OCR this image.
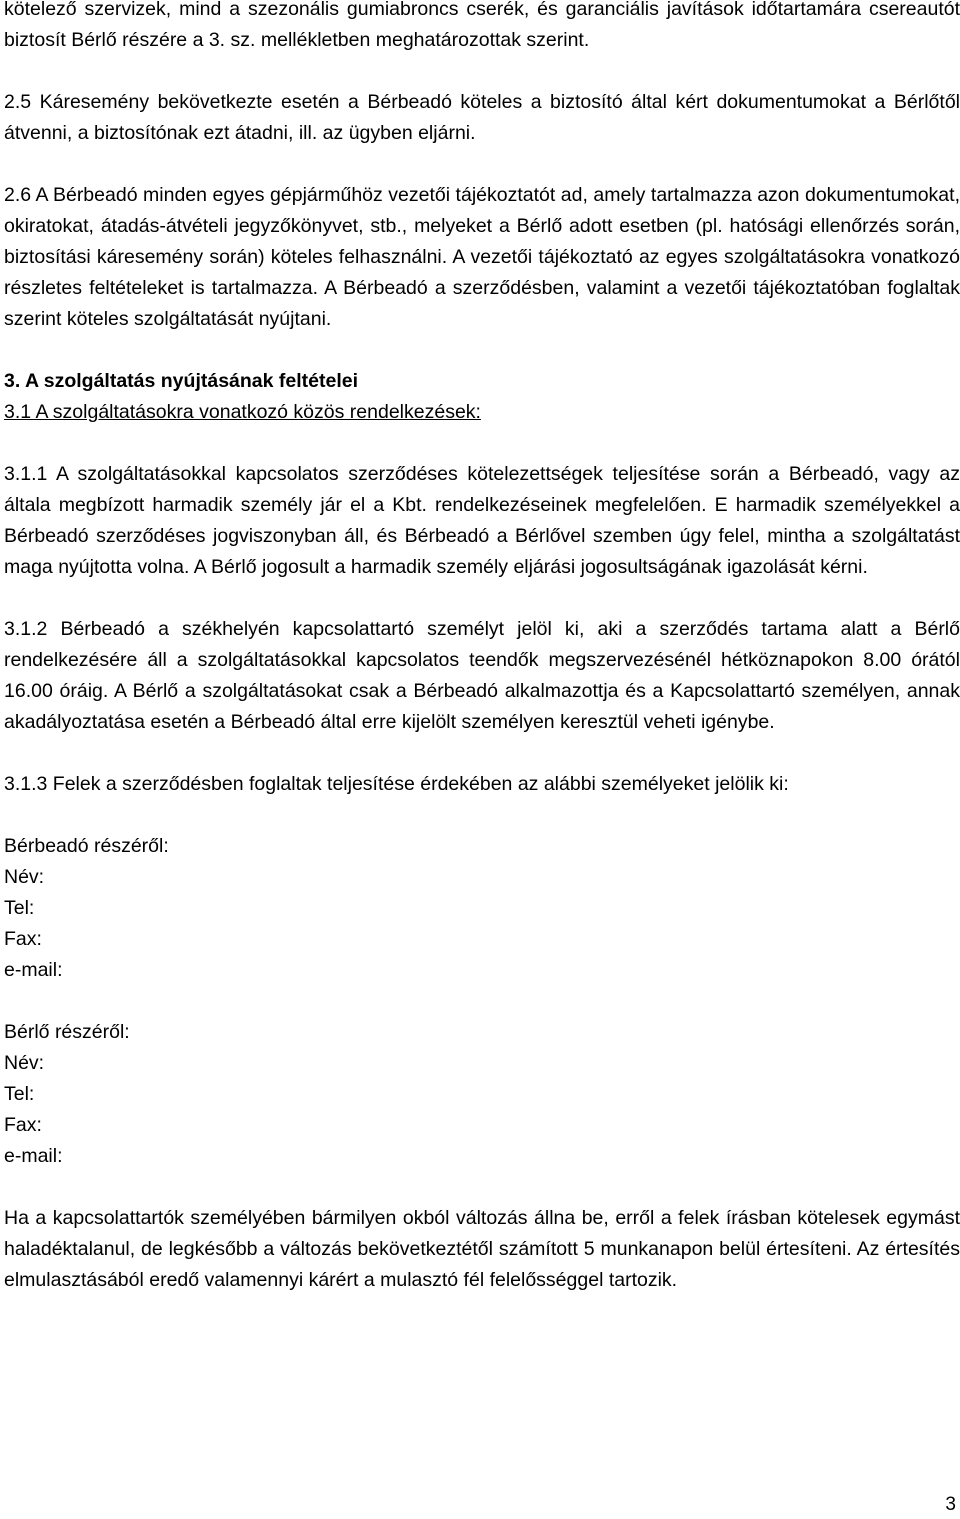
kötelező szervizek, mind a szezonális gumiabroncs cserék, és garanciális javítások időtartamára csereautót biztosít Bérlő részére a 3. sz. mellékletben meghatározottak szerint.

2.5 Káresemény bekövetkezte esetén a Bérbeadó köteles a biztosító által kért dokumentumokat a Bérlőtől átvenni, a biztosítónak ezt átadni, ill. az ügyben eljárni.

2.6 A Bérbeadó minden egyes gépjárműhöz vezetői tájékoztatót ad, amely tartalmazza azon dokumentumokat, okiratokat, átadás-átvételi jegyzőkönyvet, stb., melyeket a Bérlő adott esetben (pl. hatósági ellenőrzés során, biztosítási káresemény során) köteles felhasználni. A vezetői tájékoztató az egyes szolgáltatásokra vonatkozó részletes feltételeket is tartalmazza. A Bérbeadó a szerződésben, valamint a vezetői tájékoztatóban foglaltak szerint köteles szolgáltatását nyújtani.

3. A szolgáltatás nyújtásának feltételei

3.1 A szolgáltatásokra vonatkozó közös rendelkezések:

3.1.1 A szolgáltatásokkal kapcsolatos szerződéses kötelezettségek teljesítése során a Bérbeadó, vagy az általa megbízott harmadik személy jár el a Kbt. rendelkezéseinek megfelelően. E harmadik személyekkel a Bérbeadó szerződéses jogviszonyban áll, és Bérbeadó a Bérlővel szemben úgy felel, mintha a szolgáltatást maga nyújtotta volna. A Bérlő jogosult a harmadik személy eljárási jogosultságának igazolását kérni.

3.1.2 Bérbeadó a székhelyén kapcsolattartó személyt jelöl ki, aki a szerződés tartama alatt a Bérlő rendelkezésére áll a szolgáltatásokkal kapcsolatos teendők megszervezésénél hétköznapokon 8.00 órától 16.00 óráig. A Bérlő a szolgáltatásokat csak a Bérbeadó alkalmazottja és a Kapcsolattartó személyen, annak akadályoztatása esetén a Bérbeadó által erre kijelölt személyen keresztül veheti igénybe.

3.1.3 Felek a szerződésben foglaltak teljesítése érdekében az alábbi személyeket jelölik ki:

Bérbeadó részéről:

Név:

Tel:

Fax:

e-mail:

Bérlő részéről:

Név:

Tel:

Fax:

e-mail:

Ha a kapcsolattartók személyében bármilyen okból változás állna be, erről a felek írásban kötelesek egymást haladéktalanul, de legkésőbb a változás bekövetkeztétől számított 5 munkanapon belül értesíteni. Az értesítés elmulasztásából eredő valamennyi kárért a mulasztó fél felelősséggel tartozik.

3
